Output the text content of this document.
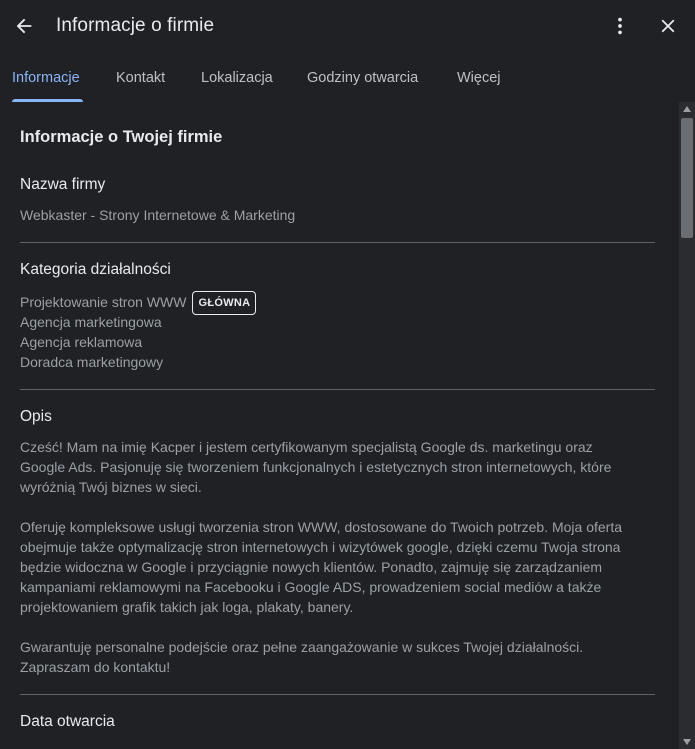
Informacje o firmie
Informacje	Kontakt Lokalizacja Godziny otwarcia	Więcej
Informacje o Twojej firmie
Nazwa firmy
Webkaster - Strony Internetowe & Marketing
Kategoria działalności
Projektowanie stron WWW GŁÓWNA
Agencja marketingowa
Agencja reklamowa
Doradca marketingowy
Opis
Cześć! Mam na imię Kacper i jestem certyfikowanym specjalistą Google ds. marketingu oraz
Google Ads. Pasjonuję się tworzeniem funkcjonalnych i estetycznych stron internetowych, które
wyróżnią Twój biznes w sieci.
Oferuję kompleksowe usługi tworzenia stron WWW, dostosowane do Twoich potrzeb. Moja oferta
obejmuje także optymalizację stron internetowych i wizytówek google, dzięki czemu Twoja strona
będzie widoczna w Google i przyciągnie nowych klientów. Ponadto, zajmuję się zarządzaniem
kampaniami reklamowymi na Facebooku i Google ADS, prowadzeniem social mediów a także
projektowaniem grafik takich jak loga, plakaty, banery.
Gwarantuję personalne podejście oraz pełne zaangażowanie w sukces Twojej działalności.
Zapraszam do kontaktu!
Data otwarcia
